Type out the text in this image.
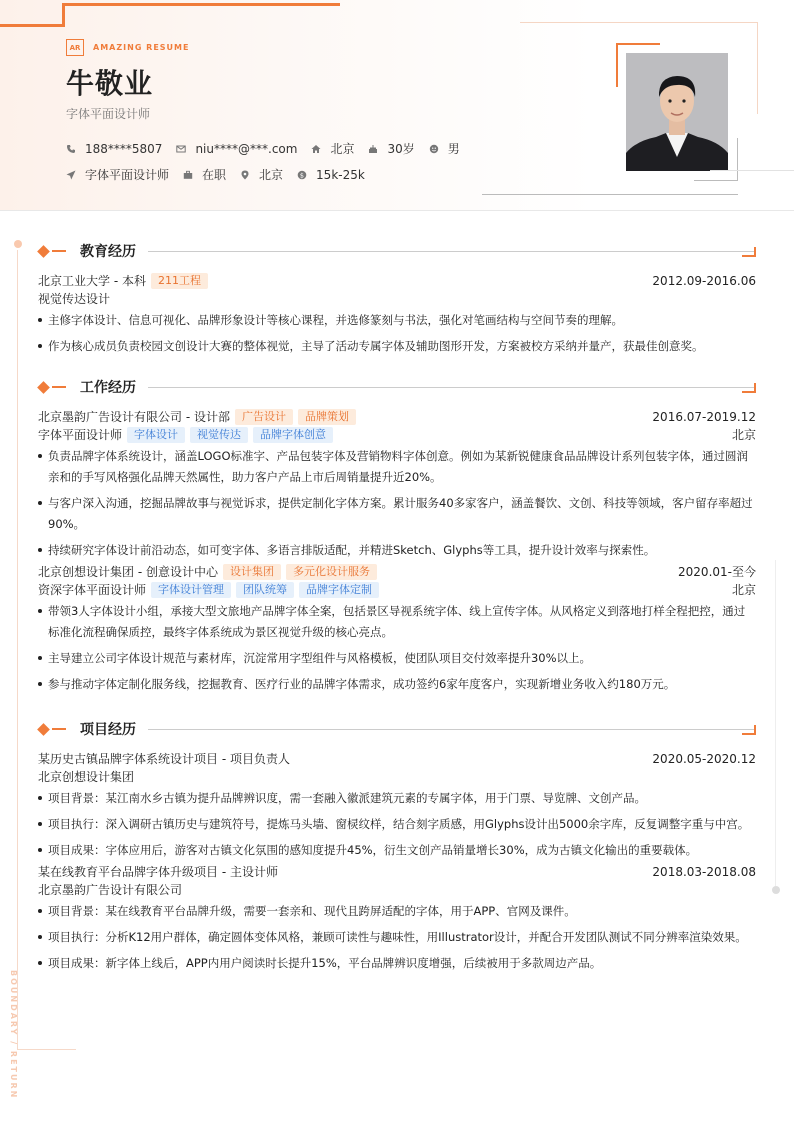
AR	AMAZING RESUME
牛敬业
字体平面设计师
188****5807	niu****@***.com	北京	30岁	男
字体平面设计师	在职	北京	$ 15k-25k
BOUNDARY / RETURN
教育经历
北京工业大学 - 本科	211工程	2012.09-2016.06
视觉传达设计
主修字体设计、信息可视化、品牌形象设计等核心课程，并选修篆刻与书法，强化对笔画结构与空间节奏的理解。
作为核心成员负责校园文创设计大赛的整体视觉，主导了活动专属字体及辅助图形开发，方案被校方采纳并量产，获最佳创意奖。
工作经历
北京墨韵广告设计有限公司 - 设计部	广告设计	品牌策划	2016.07-2019.12
字体平面设计师	字体设计	视觉传达	品牌字体创意	北京
负责品牌字体系统设计，涵盖LOGO标准字、产品包装字体及营销物料字体创意。例如为某新锐健康食品品牌设计系列包装字体，通过圆润亲和的手写风格强化品牌天然属性，助力客户产品上市后周销量提升近20%。
与客户深入沟通，挖掘品牌故事与视觉诉求，提供定制化字体方案。累计服务40多家客户，涵盖餐饮、文创、科技等领域，客户留存率超过90%。
持续研究字体设计前沿动态，如可变字体、多语言排版适配，并精进Sketch、Glyphs等工具，提升设计效率与探索性。
北京创想设计集团 - 创意设计中心	设计集团	多元化设计服务	2020.01-至今
资深字体平面设计师	字体设计管理	团队统筹	品牌字体定制	北京
带领3人字体设计小组，承接大型文旅地产品牌字体全案，包括景区导视系统字体、线上宣传字体。从风格定义到落地打样全程把控，通过标准化流程确保质控，最终字体系统成为景区视觉升级的核心亮点。
主导建立公司字体设计规范与素材库，沉淀常用字型组件与风格模板，使团队项目交付效率提升30%以上。
参与推动字体定制化服务线，挖掘教育、医疗行业的品牌字体需求，成功签约6家年度客户，实现新增业务收入约180万元。
项目经历
某历史古镇品牌字体系统设计项目 - 项目负责人	2020.05-2020.12
北京创想设计集团
项目背景：某江南水乡古镇为提升品牌辨识度，需一套融入徽派建筑元素的专属字体，用于门票、导览牌、文创产品。
项目执行：深入调研古镇历史与建筑符号，提炼马头墙、窗棂纹样，结合刻字质感，用Glyphs设计出5000余字库，反复调整字重与中宫。
项目成果：字体应用后，游客对古镇文化氛围的感知度提升45%，衍生文创产品销量增长30%，成为古镇文化输出的重要载体。
某在线教育平台品牌字体升级项目 - 主设计师	2018.03-2018.08
北京墨韵广告设计有限公司
项目背景：某在线教育平台品牌升级，需要一套亲和、现代且跨屏适配的字体，用于APP、官网及课件。
项目执行：分析K12用户群体，确定圆体变体风格，兼顾可读性与趣味性，用Illustrator设计，并配合开发团队测试不同分辨率渲染效果。
项目成果：新字体上线后，APP内用户阅读时长提升15%，平台品牌辨识度增强，后续被用于多款周边产品。
